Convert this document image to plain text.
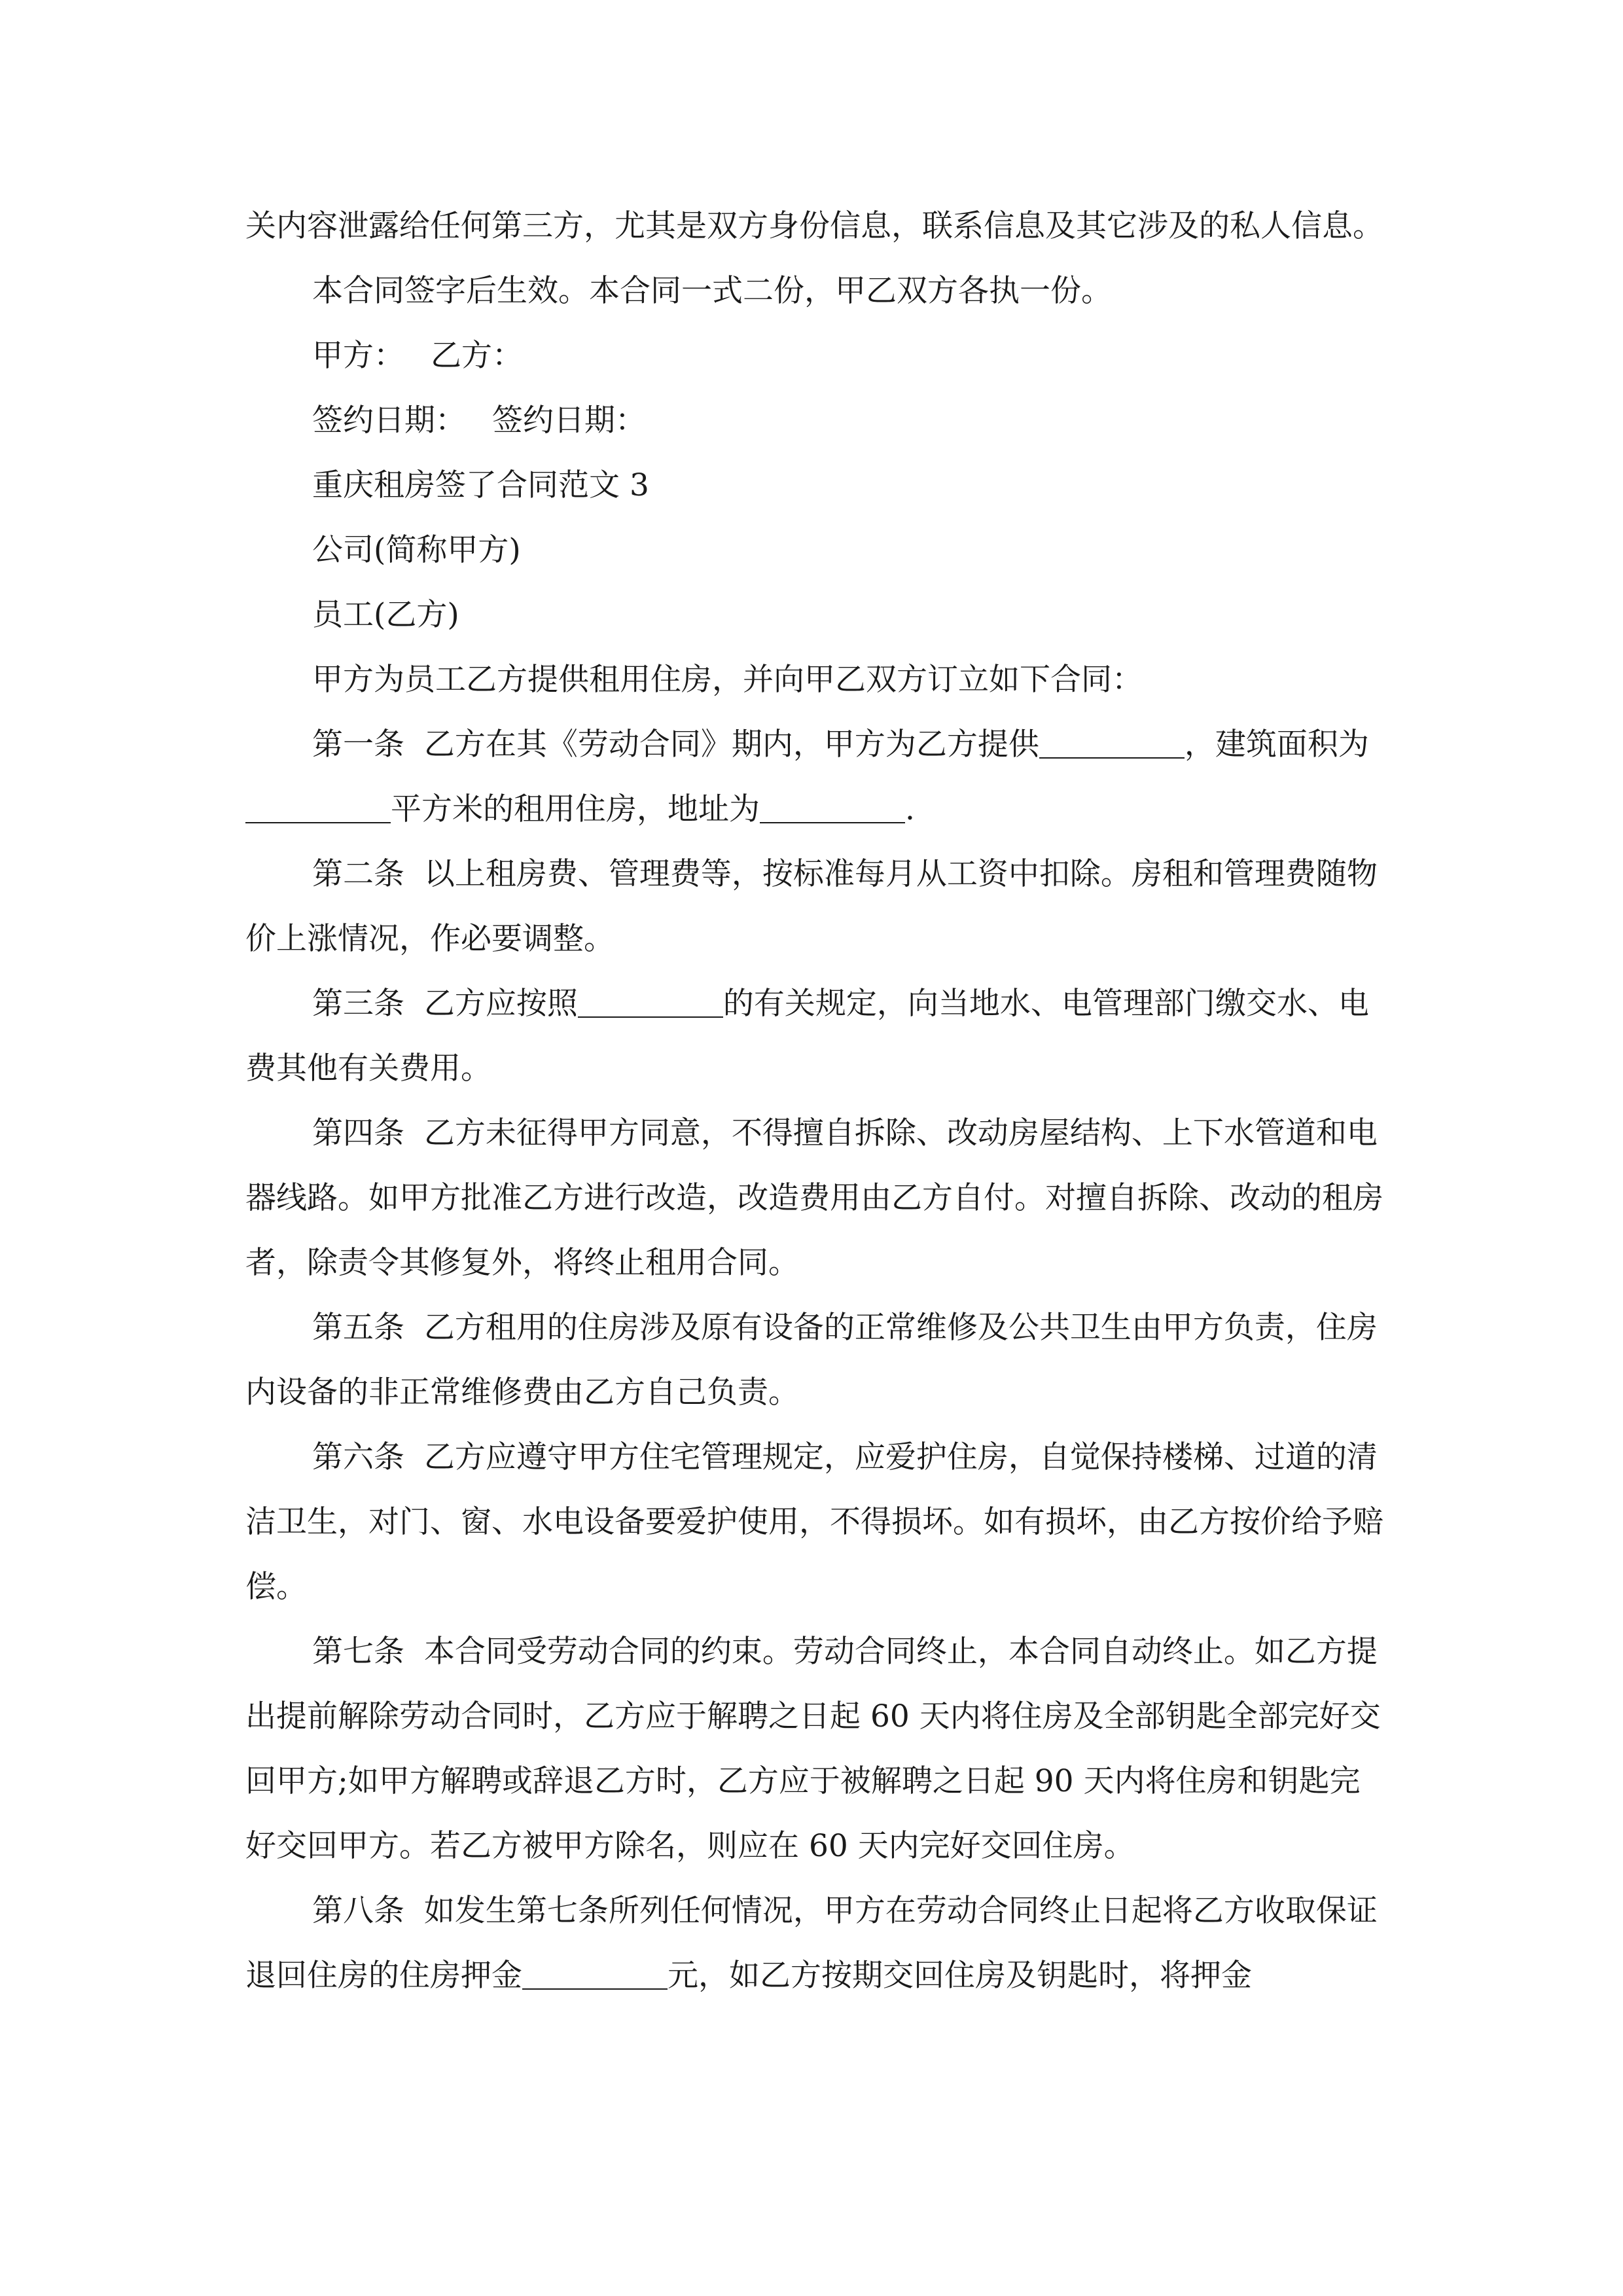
关内容泄露给任何第三方，尤其是双方身份信息，联系信息及其它涉及的私人信息。

本合同签字后生效。本合同一式二份，甲乙双方各执一份。

甲方： 乙方：

签约日期： 签约日期：

重庆租房签了合同范文 3

公司(简称甲方)

员工(乙方)

甲方为员工乙方提供租用住房，并向甲乙双方订立如下合同：

第一条  乙方在其《劳动合同》期内，甲方为乙方提供	，建筑面积为平方米的租用住房，地址为	.

第二条  以上租房费、管理费等，按标准每月从工资中扣除。房租和管理费随物价上涨情况，作必要调整。

第三条  乙方应按照	的有关规定，向当地水、电管理部门缴交水、电费其他有关费用。

第四条  乙方未征得甲方同意，不得擅自拆除、改动房屋结构、上下水管道和电器线路。如甲方批准乙方进行改造，改造费用由乙方自付。对擅自拆除、改动的租房者，除责令其修复外，将终止租用合同。

第五条  乙方租用的住房涉及原有设备的正常维修及公共卫生由甲方负责，住房内设备的非正常维修费由乙方自己负责。

第六条  乙方应遵守甲方住宅管理规定，应爱护住房，自觉保持楼梯、过道的清洁卫生，对门、窗、水电设备要爱护使用，不得损坏。如有损坏，由乙方按价给予赔偿。

第七条  本合同受劳动合同的约束。劳动合同终止，本合同自动终止。如乙方提出提前解除劳动合同时，乙方应于解聘之日起 60 天内将住房及全部钥匙全部完好交回甲方;如甲方解聘或辞退乙方时，乙方应于被解聘之日起 90 天内将住房和钥匙完好交回甲方。若乙方被甲方除名，则应在 60 天内完好交回住房。

第八条  如发生第七条所列任何情况，甲方在劳动合同终止日起将乙方收取保证退回住房的住房押金	元，如乙方按期交回住房及钥匙时，将押金
